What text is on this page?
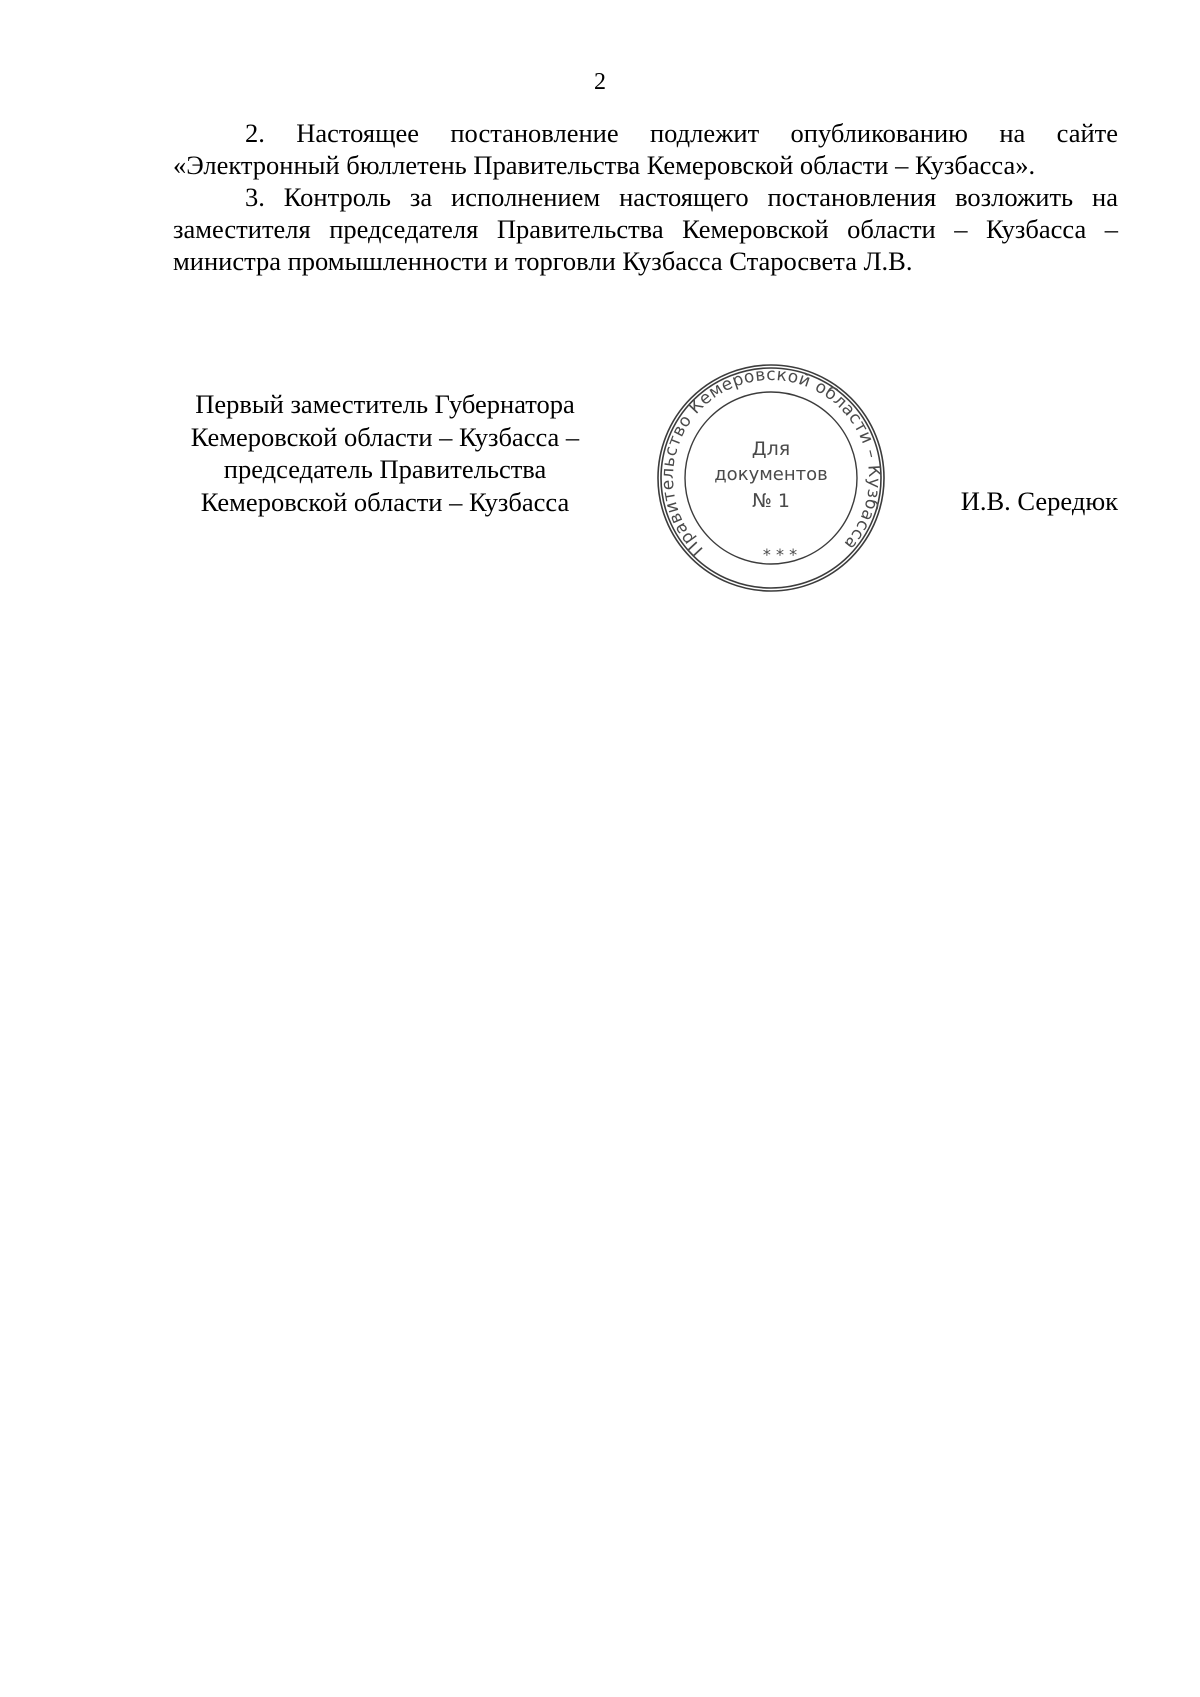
2

2. Настоящее постановление подлежит опубликованию на сайте «Электронный бюллетень Правительства Кемеровской области – Кузбасса».

3. Контроль за исполнением настоящего постановления возложить на заместителя председателя Правительства Кемеровской области – Кузбасса – министра промышленности и торговли Кузбасса Старосвета Л.В.

Первый заместитель Губернатора
Кемеровской области – Кузбасса –
председатель Правительства
Кемеровской области – Кузбасса
Правительство Кемеровской области – Кузбасса
* * *
Для
документов
№ 1	И.В. Середюк
